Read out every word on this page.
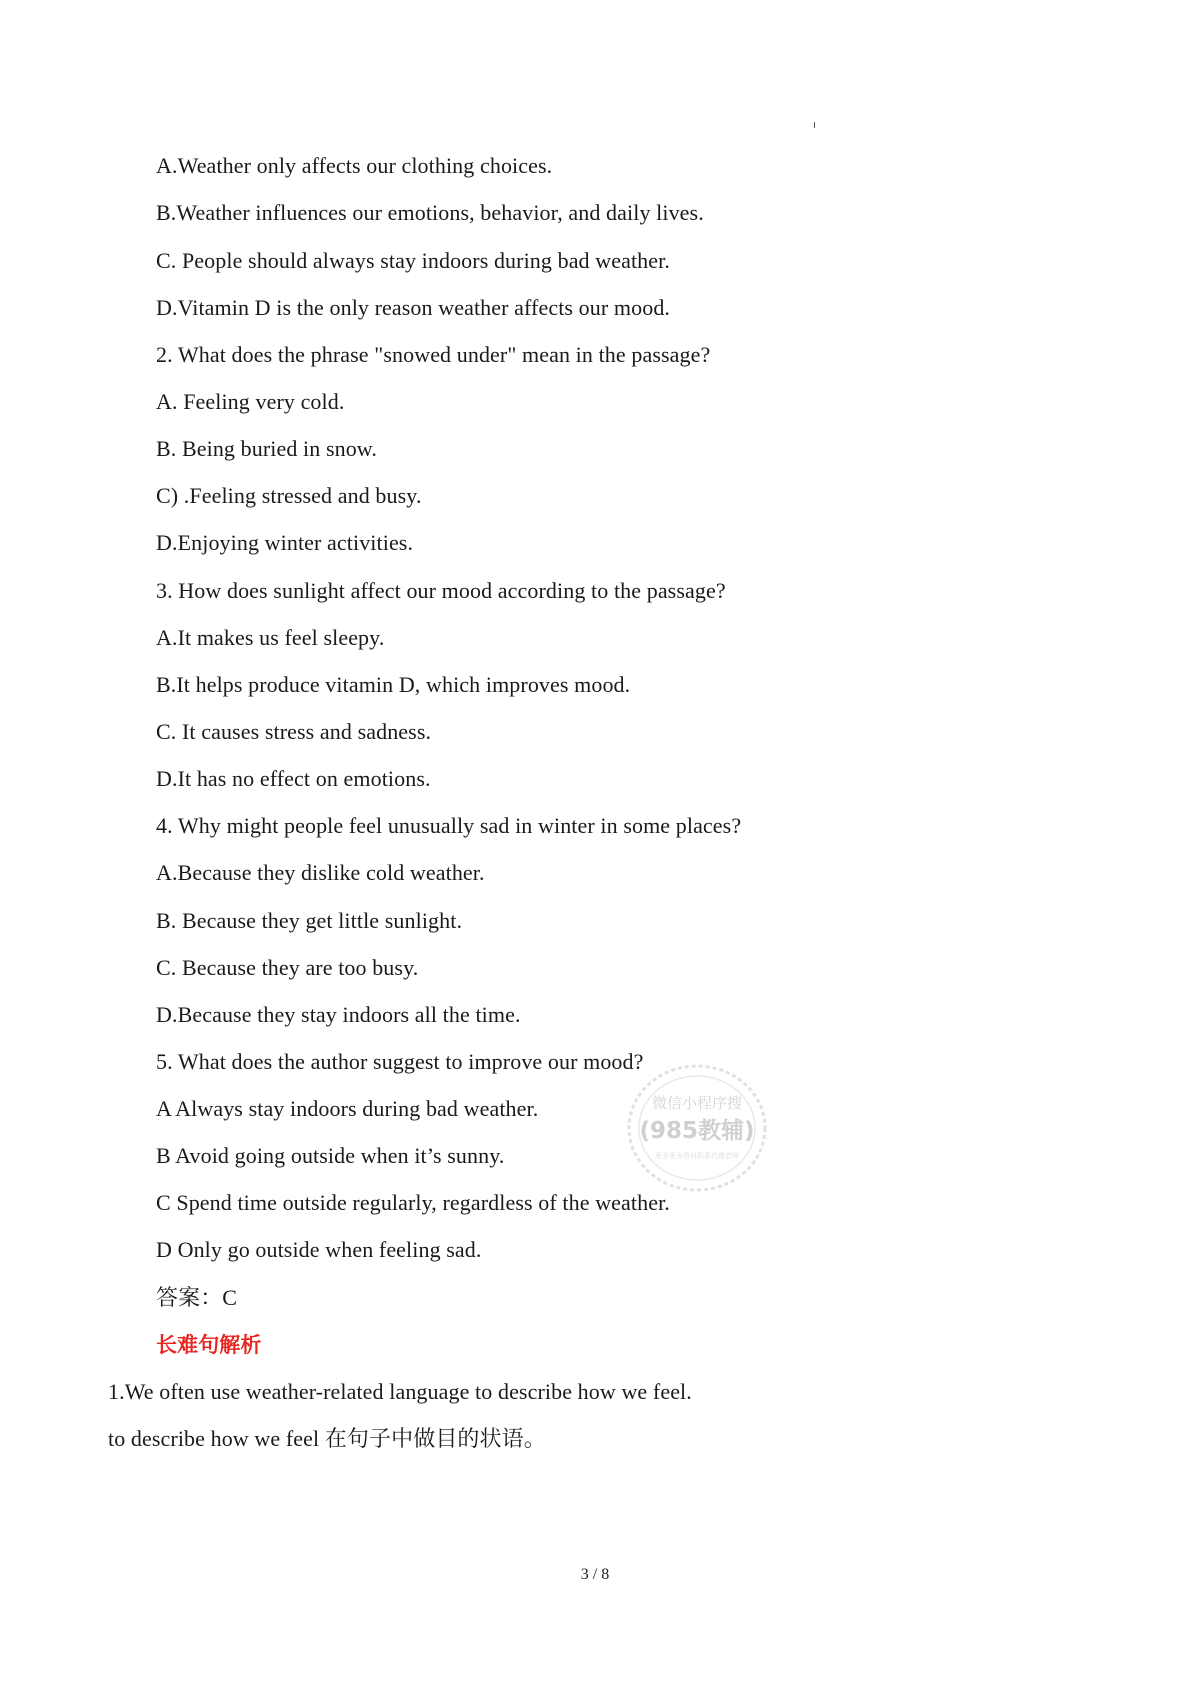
A.Weather only affects our clothing choices.
B.Weather influences our emotions, behavior, and daily lives.
C. People should always stay indoors during bad weather.
D.Vitamin D is the only reason weather affects our mood.
2. What does the phrase "snowed under" mean in the passage?
A. Feeling very cold.
B. Being buried in snow.
C) .Feeling stressed and busy.
D.Enjoying winter activities.
3. How does sunlight affect our mood according to the passage?
A.It makes us feel sleepy.
B.It helps produce vitamin D, which improves mood.
C. It causes stress and sadness.
D.It has no effect on emotions.
4. Why might people feel unusually sad in winter in some places?
A.Because they dislike cold weather.
B. Because they get little sunlight.
C. Because they are too busy.
D.Because they stay indoors all the time.
5. What does the author suggest to improve our mood?
A Always stay indoors during bad weather.
B Avoid going outside when it’s sunny.
C Spend time outside regularly, regardless of the weather.
D Only go outside when feeling sad.
答案：C
长难句解析
1.We often use weather-related language to describe how we feel.
to describe how we feel 在句子中做目的状语。
微信小程序搜
(985教辅)
更多更多资料联系代理老师
3 / 8
